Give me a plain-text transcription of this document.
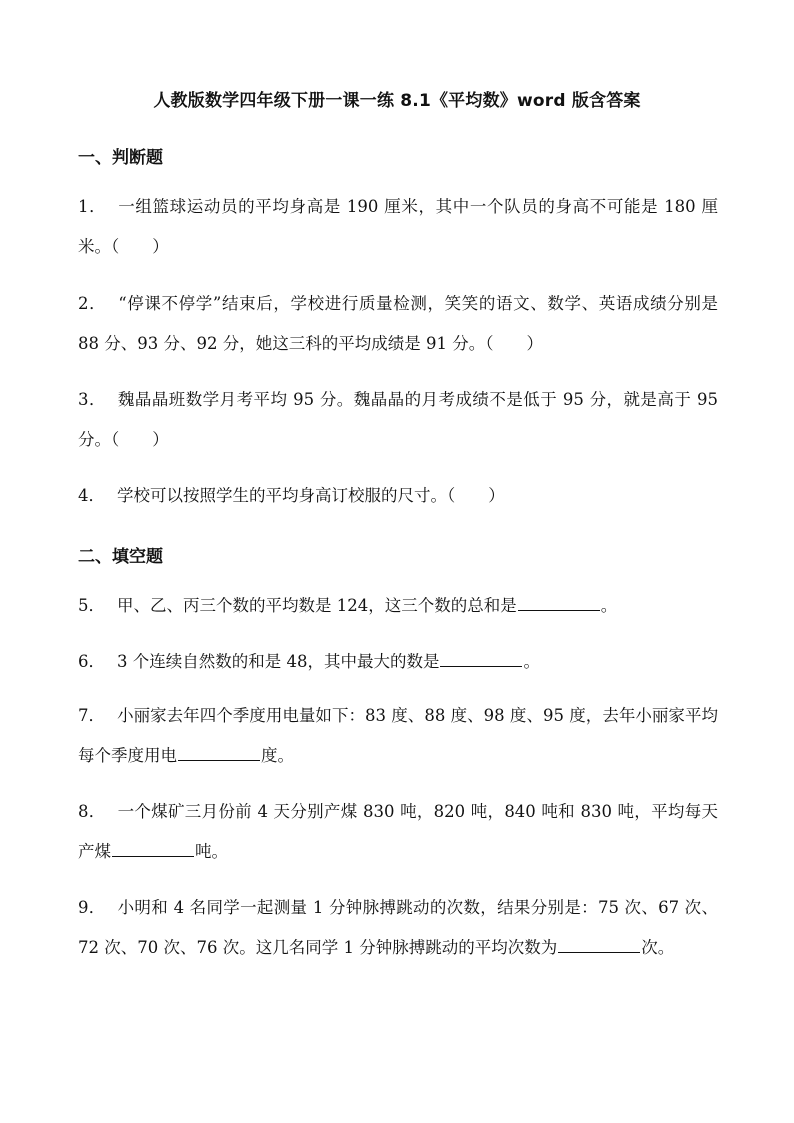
人教版数学四年级下册一课一练 8.1《平均数》word 版含答案
一、判断题
1． 一组篮球运动员的平均身高是 190 厘米，其中一个队员的身高不可能是 180 厘米。（　　）
2． “停课不停学”结束后，学校进行质量检测，笑笑的语文、数学、英语成绩分别是 88 分、93 分、92 分，她这三科的平均成绩是 91 分。（　　）
3． 魏晶晶班数学月考平均 95 分。魏晶晶的月考成绩不是低于 95 分，就是高于 95 分。（　　）
4． 学校可以按照学生的平均身高订校服的尺寸。（　　）
二、填空题
5． 甲、乙、丙三个数的平均数是 124，这三个数的总和是	。
6． 3 个连续自然数的和是 48，其中最大的数是	。
7． 小丽家去年四个季度用电量如下：83 度、88 度、98 度、95 度，去年小丽家平均每个季度用电	度。
8． 一个煤矿三月份前 4 天分别产煤 830 吨，820 吨，840 吨和 830 吨，平均每天产煤	吨。
9． 小明和 4 名同学一起测量 1 分钟脉搏跳动的次数，结果分别是：75 次、67 次、72 次、70 次、76 次。这几名同学 1 分钟脉搏跳动的平均次数为	次。
